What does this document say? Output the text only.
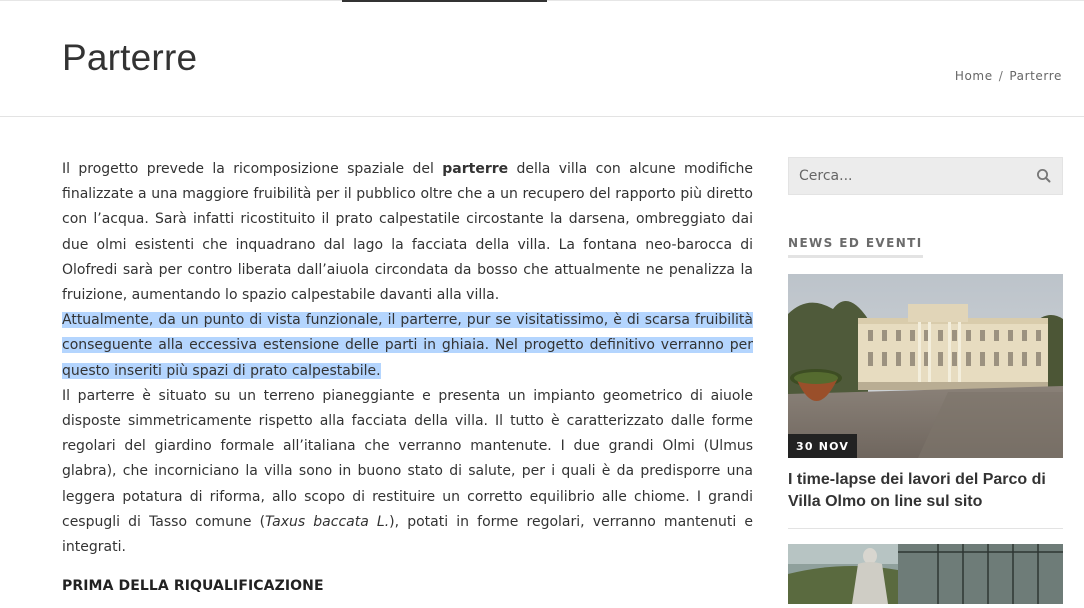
Parterre	Home / Parterre

Il progetto prevede la ricomposizione spaziale del parterre della villa con alcune modifiche finalizzate a una maggiore fruibilità per il pubblico oltre che a un recupero del rapporto più diretto con l’acqua. Sarà infatti ricostituito il prato calpestatile circostante la darsena, ombreggiato dai due olmi esistenti che inquadrano dal lago la facciata della villa. La fontana neo-barocca di Olofredi sarà per contro liberata dall’aiuola circondata da bosso che attualmente ne penalizza la fruizione, aumentando lo spazio calpestabile davanti alla villa.

Attualmente, da un punto di vista funzionale, il parterre, pur se visitatissimo, è di scarsa fruibilità conseguente alla eccessiva estensione delle parti in ghiaia. Nel progetto definitivo verranno per questo inseriti più spazi di prato calpestabile.

Il parterre è situato su un terreno pianeggiante e presenta un impianto geometrico di aiuole disposte simmetricamente rispetto alla facciata della villa. Il tutto è caratterizzato dalle forme regolari del giardino formale all’italiana che verranno mantenute. I due grandi Olmi (Ulmus glabra), che incorniciano la villa sono in buono stato di salute, per i quali è da predisporre una leggera potatura di riforma, allo scopo di restituire un corretto equilibrio alle chiome. I grandi cespugli di Tasso comune (Taxus baccata L.), potati in forme regolari, verranno mantenuti e integrati.

PRIMA DELLA RIQUALIFICAZIONE

Cerca...
NEWS ED EVENTI
30 NOV
I time-lapse dei lavori del Parco di Villa Olmo on line sul sito
